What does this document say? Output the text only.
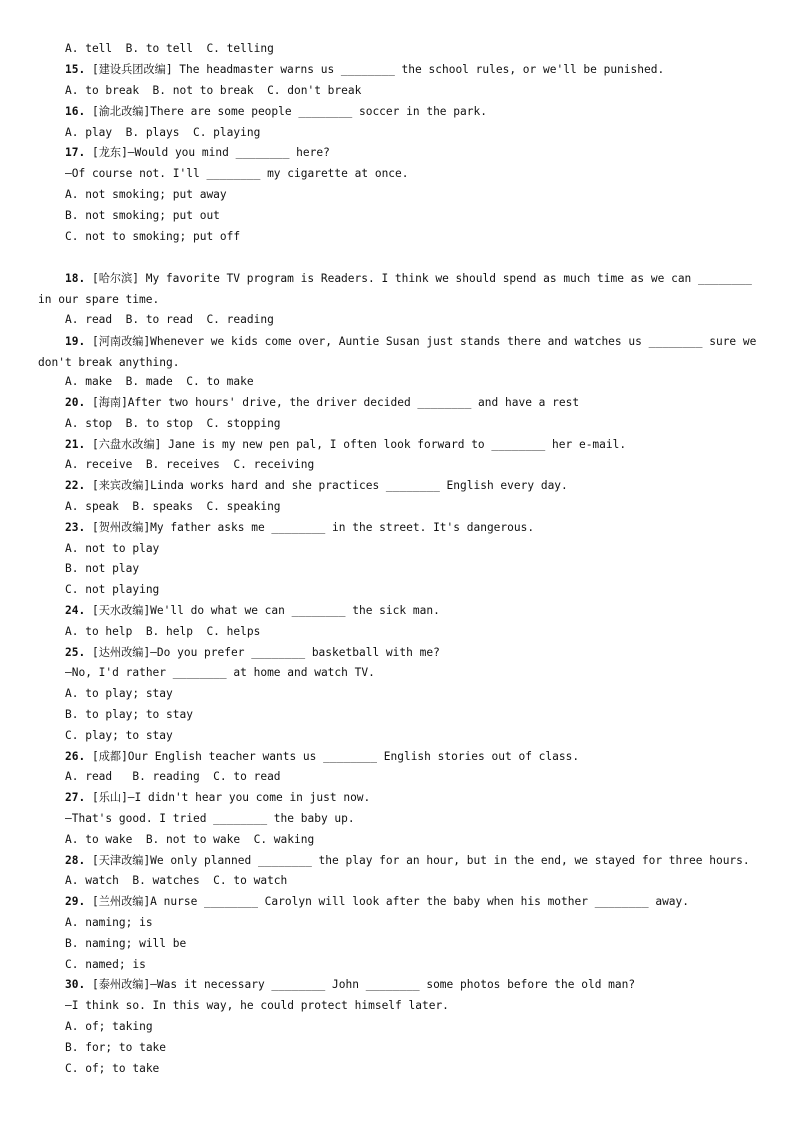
A. tell  B. to tell  C. telling
15. [建设兵团改编] The headmaster warns us ________ the school rules, or we'll be punished.
A. to break  B. not to break  C. don't break
16. [渝北改编]There are some people ________ soccer in the park.
A. play  B. plays  C. playing
17. [龙东]—Would you mind ________ here?
—Of course not. I'll ________ my cigarette at once.
A. not smoking; put away
B. not smoking; put out
C. not to smoking; put off
18. [哈尔滨] My favorite TV program is Readers. I think we should spend as much time as we can ________ in our spare time.
A. read  B. to read  C. reading
19. [河南改编]Whenever we kids come over, Auntie Susan just stands there and watches us ________ sure we don't break anything.
A. make  B. made  C. to make
20. [海南]After two hours' drive, the driver decided ________ and have a rest
A. stop  B. to stop  C. stopping
21. [六盘水改编] Jane is my new pen pal, I often look forward to ________ her e-mail.
A. receive  B. receives  C. receiving
22. [来宾改编]Linda works hard and she practices ________ English every day.
A. speak  B. speaks  C. speaking
23. [贺州改编]My father asks me ________ in the street. It's dangerous.
A. not to play
B. not play
C. not playing
24. [天水改编]We'll do what we can ________ the sick man.
A. to help  B. help  C. helps
25. [达州改编]—Do you prefer ________ basketball with me?
—No, I'd rather ________ at home and watch TV.
A. to play; stay
B. to play; to stay
C. play; to stay
26. [成都]Our English teacher wants us ________ English stories out of class.
A. read   B. reading  C. to read
27. [乐山]—I didn't hear you come in just now.
—That's good. I tried ________ the baby up.
A. to wake  B. not to wake  C. waking
28. [天津改编]We only planned ________ the play for an hour, but in the end, we stayed for three hours.
A. watch  B. watches  C. to watch
29. [兰州改编]A nurse ________ Carolyn will look after the baby when his mother ________ away.
A. naming; is
B. naming; will be
C. named; is
30. [泰州改编]—Was it necessary ________ John ________ some photos before the old man?
—I think so. In this way, he could protect himself later.
A. of; taking
B. for; to take
C. of; to take
